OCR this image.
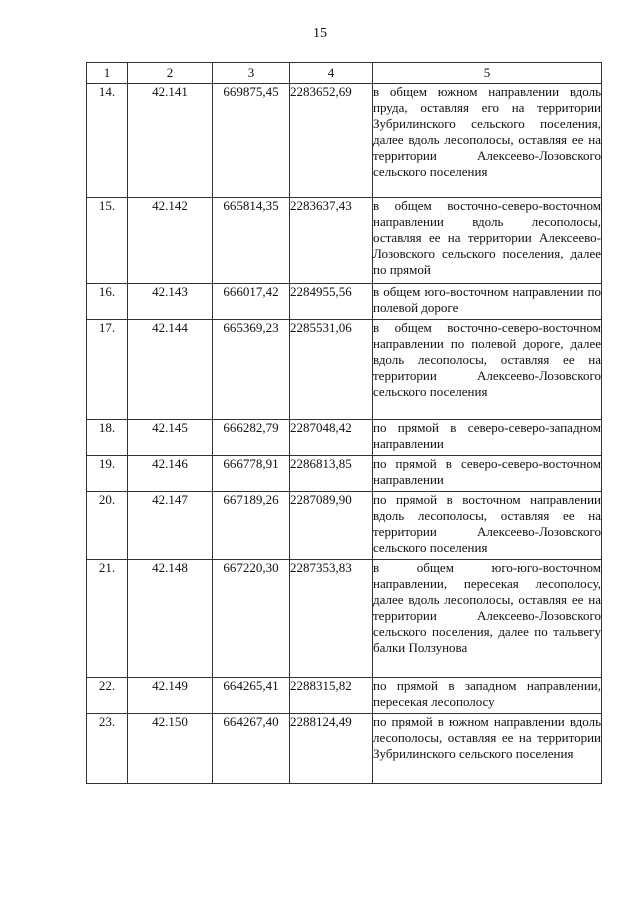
15
1	2	3	4	5
14.	42.141	669875,45	2283652,69	в общем южном направлении вдоль пруда, оставляя его на территории Зубрилинского сельского поселения, далее вдоль лесополосы, оставляя ее на территории Алексеево-Лозовского сельского поселения
15.	42.142	665814,35	2283637,43	в общем восточно-северо-восточном направлении вдоль лесополосы, оставляя ее на территории Алексеево-Лозовского сельского поселения, далее по прямой
16.	42.143	666017,42	2284955,56	в общем юго-восточном направлении по полевой дороге
17.	42.144	665369,23	2285531,06	в общем восточно-северо-восточном направлении по полевой дороге, далее вдоль лесополосы, оставляя ее на территории Алексеево-Лозовского сельского поселения
18.	42.145	666282,79	2287048,42	по прямой в северо-северо-западном направлении
19.	42.146	666778,91	2286813,85	по прямой в северо-северо-восточном направлении
20.	42.147	667189,26	2287089,90	по прямой в восточном направлении вдоль лесополосы, оставляя ее на территории Алексеево-Лозовского сельского поселения
21.	42.148	667220,30	2287353,83	в общем юго-юго-восточном направлении, пересекая лесополосу, далее вдоль лесополосы, оставляя ее на территории Алексеево-Лозовского сельского поселения, далее по тальвегу балки Ползунова
22.	42.149	664265,41	2288315,82	по прямой в западном направлении, пересекая лесополосу
23.	42.150	664267,40	2288124,49	по прямой в южном направлении вдоль лесополосы, оставляя ее на территории Зубрилинского сельского поселения
